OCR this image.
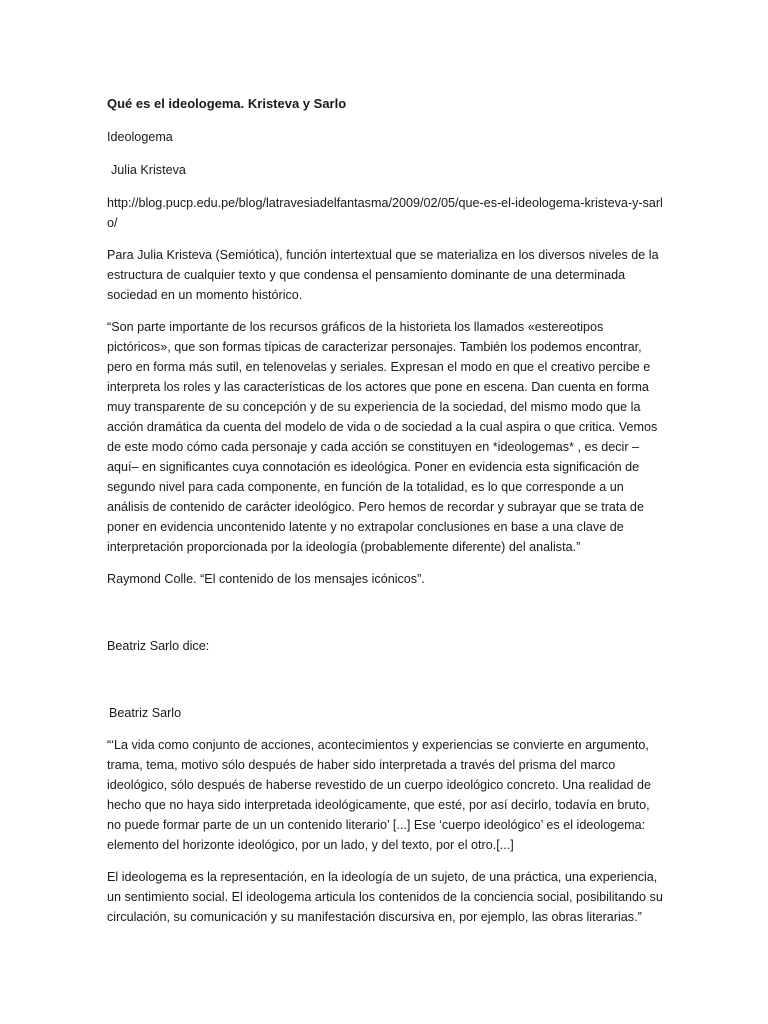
Qué es el ideologema. Kristeva y Sarlo

Ideologema

Julia Kristeva

http://blog.pucp.edu.pe/blog/latravesiadelfantasma/2009/02/05/que-es-el-ideologema-kristeva-y-sarlo/

Para Julia Kristeva (Semiótica), función intertextual que se materializa en los diversos niveles de la estructura de cualquier texto y que condensa el pensamiento dominante de una determinada sociedad en un momento histórico.

“Son parte importante de los recursos gráficos de la historieta los llamados «estereotipos pictóricos», que son formas típicas de caracterizar personajes. También los podemos encontrar, pero en forma más sutil, en telenovelas y seriales. Expresan el modo en que el creativo percibe e interpreta los roles y las características de los actores que pone en escena. Dan cuenta en forma muy transparente de su concepción y de su experiencia de la sociedad, del mismo modo que la acción dramática da cuenta del modelo de vida o de sociedad a la cual aspira o que critica. Vemos de este modo cómo cada personaje y cada acción se constituyen en *ideologemas* , es decir – aquí– en significantes cuya connotación es ideológica. Poner en evidencia esta significación de segundo nivel para cada componente, en función de la totalidad, es lo que corresponde a un análisis de contenido de carácter ideológico. Pero hemos de recordar y subrayar que se trata de poner en evidencia uncontenido latente y no extrapolar conclusiones en base a una clave de interpretación proporcionada por la ideología (probablemente diferente) del analista.”

Raymond Colle. “El contenido de los mensajes icónicos”.

Beatriz Sarlo dice:

Beatriz Sarlo

“‘La vida como conjunto de acciones, acontecimientos y experiencias se convierte en argumento, trama, tema, motivo sólo después de haber sido interpretada a través del prisma del marco ideológico, sólo después de haberse revestido de un cuerpo ideológico concreto. Una realidad de hecho que no haya sido interpretada ideológicamente, que esté, por así decirlo, todavía en bruto, no puede formar parte de un un contenido literario’ [...] Ese ‘cuerpo ideológico’ es el ideologema: elemento del horizonte ideológico, por un lado, y del texto, por el otro.[...]

El ideologema es la representación, en la ideología de un sujeto, de una práctica, una experiencia, un sentimiento social. El ideologema articula los contenidos de la conciencia social, posibilitando su circulación, su comunicación y su manifestación discursiva en, por ejemplo, las obras literarias.”
